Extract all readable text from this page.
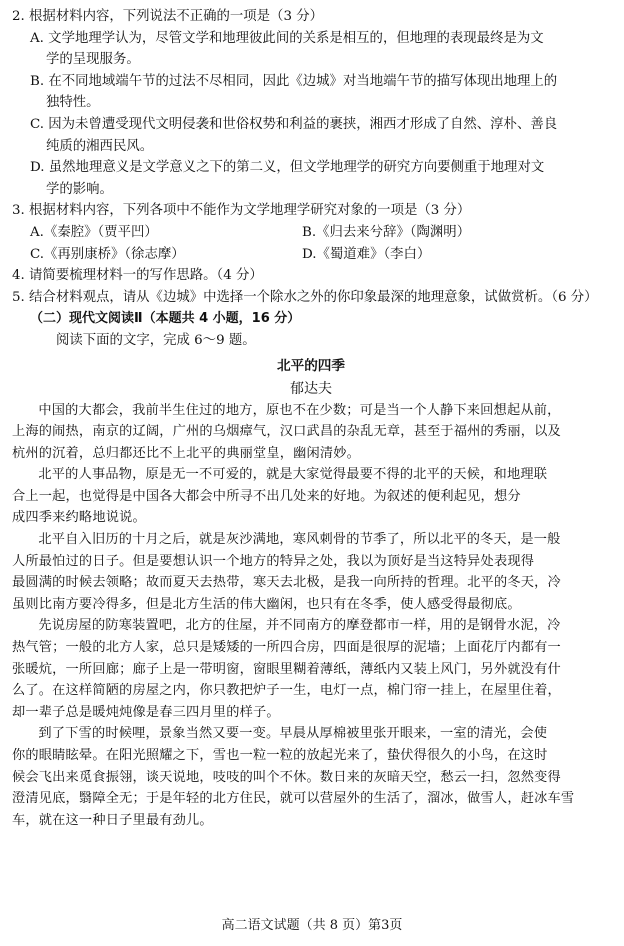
2. 根据材料内容，下列说法不正确的一项是（3 分）
A. 文学地理学认为，尽管文学和地理彼此间的关系是相互的，但地理的表现最终是为文
学的呈现服务。
B. 在不同地域端午节的过法不尽相同，因此《边城》对当地端午节的描写体现出地理上的
独特性。
C. 因为未曾遭受现代文明侵袭和世俗权势和利益的裹挟，湘西才形成了自然、淳朴、善良
纯质的湘西民风。
D. 虽然地理意义是文学意义之下的第二义，但文学地理学的研究方向要侧重于地理对文
学的影响。
3. 根据材料内容，下列各项中不能作为文学地理学研究对象的一项是（3 分）
A.《秦腔》（贾平凹）	B.《归去来兮辞》（陶渊明）
C.《再别康桥》（徐志摩）	D.《蜀道难》（李白）
4. 请简要梳理材料一的写作思路。（4 分）
5. 结合材料观点，请从《边城》中选择一个除水之外的你印象最深的地理意象，试做赏析。（6 分）
（二）现代文阅读Ⅱ（本题共 4 小题，16 分）
阅读下面的文字，完成 6～9 题。
北平的四季
郁达夫
中国的大都会，我前半生住过的地方，原也不在少数；可是当一个人静下来回想起从前，
上海的闹热，南京的辽阔，广州的乌烟瘴气，汉口武昌的杂乱无章，甚至于福州的秀丽，以及
杭州的沉着，总归都还比不上北平的典丽堂皇，幽闲清妙。
北平的人事品物，原是无一不可爱的，就是大家觉得最要不得的北平的天候，和地理联
合上一起，也觉得是中国各大都会中所寻不出几处来的好地。为叙述的便利起见，想分
成四季来约略地说说。
北平自入旧历的十月之后，就是灰沙满地，寒风刺骨的节季了，所以北平的冬天，是一般
人所最怕过的日子。但是要想认识一个地方的特异之处，我以为顶好是当这特异处表现得
最圆满的时候去领略；故而夏天去热带，寒天去北极，是我一向所持的哲理。北平的冬天，冷
虽则比南方要冷得多，但是北方生活的伟大幽闲，也只有在冬季，使人感受得最彻底。
先说房屋的防寒装置吧，北方的住屋，并不同南方的摩登都市一样，用的是钢骨水泥，冷
热气管；一般的北方人家，总只是矮矮的一所四合房，四面是很厚的泥墙；上面花厅内都有一
张暖炕，一所回廊；廊子上是一带明窗，窗眼里糊着薄纸，薄纸内又装上风门，另外就没有什
么了。在这样简陋的房屋之内，你只教把炉子一生，电灯一点，棉门帘一挂上，在屋里住着，
却一辈子总是暖炖炖像是春三四月里的样子。
到了下雪的时候哩，景象当然又要一变。早晨从厚棉被里张开眼来，一室的清光，会使
你的眼睛眩晕。在阳光照耀之下，雪也一粒一粒的放起光来了，蛰伏得很久的小鸟，在这时
候会飞出来觅食振翎，谈天说地，吱吱的叫个不休。数日来的灰暗天空，愁云一扫，忽然变得
澄清见底，翳障全无；于是年轻的北方住民，就可以营屋外的生活了，溜冰，做雪人，赶冰车雪
车，就在这一种日子里最有劲儿。
高二语文试题（共 8 页）第3页
